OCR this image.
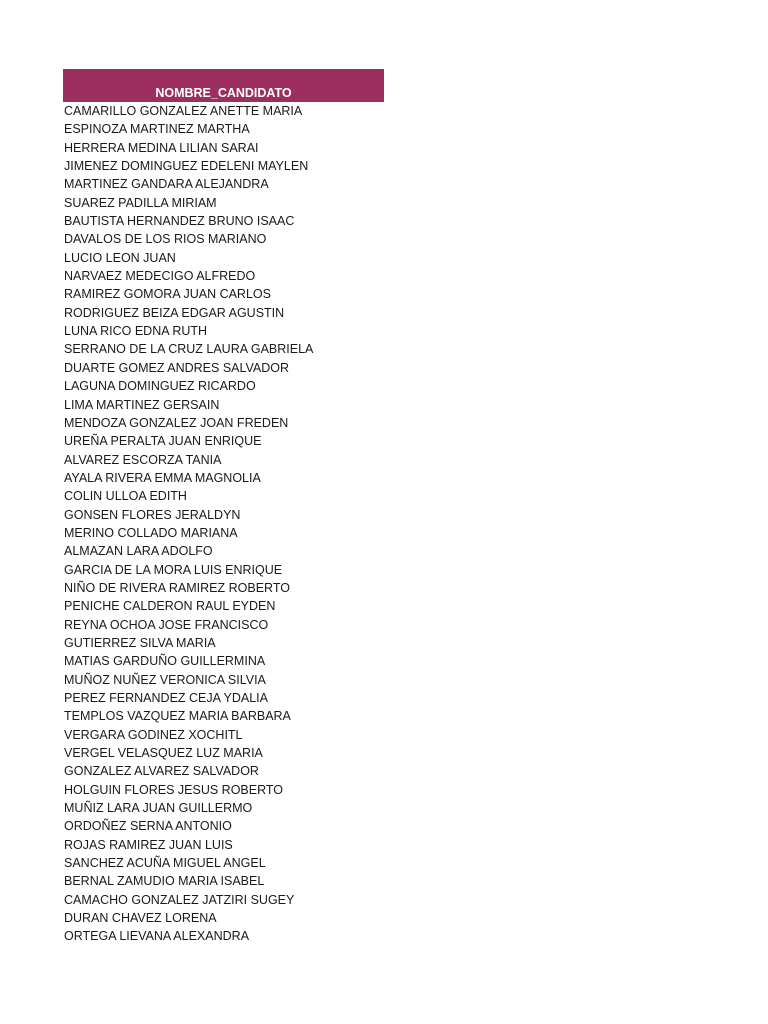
NOMBRE_CANDIDATO
CAMARILLO GONZALEZ ANETTE MARIA
ESPINOZA MARTINEZ MARTHA
HERRERA MEDINA LILIAN SARAI
JIMENEZ DOMINGUEZ EDELENI MAYLEN
MARTINEZ GANDARA ALEJANDRA
SUAREZ PADILLA MIRIAM
BAUTISTA HERNANDEZ BRUNO ISAAC
DAVALOS DE LOS RIOS MARIANO
LUCIO LEON JUAN
NARVAEZ MEDECIGO ALFREDO
RAMIREZ GOMORA JUAN CARLOS
RODRIGUEZ BEIZA EDGAR AGUSTIN
LUNA RICO EDNA RUTH
SERRANO DE LA CRUZ LAURA GABRIELA
DUARTE GOMEZ ANDRES SALVADOR
LAGUNA DOMINGUEZ RICARDO
LIMA MARTINEZ GERSAIN
MENDOZA GONZALEZ JOAN FREDEN
UREÑA PERALTA JUAN ENRIQUE
ALVAREZ ESCORZA TANIA
AYALA RIVERA EMMA MAGNOLIA
COLIN ULLOA EDITH
GONSEN FLORES JERALDYN
MERINO COLLADO MARIANA
ALMAZAN LARA ADOLFO
GARCIA DE LA MORA LUIS ENRIQUE
NIÑO DE RIVERA RAMIREZ ROBERTO
PENICHE CALDERON RAUL EYDEN
REYNA OCHOA JOSE FRANCISCO
GUTIERREZ SILVA MARIA
MATIAS GARDUÑO GUILLERMINA
MUÑOZ NUÑEZ VERONICA SILVIA
PEREZ FERNANDEZ CEJA YDALIA
TEMPLOS VAZQUEZ MARIA BARBARA
VERGARA GODINEZ XOCHITL
VERGEL VELASQUEZ LUZ MARIA
GONZALEZ ALVAREZ SALVADOR
HOLGUIN FLORES JESUS ROBERTO
MUÑIZ LARA JUAN GUILLERMO
ORDOÑEZ SERNA ANTONIO
ROJAS RAMIREZ JUAN LUIS
SANCHEZ ACUÑA MIGUEL ANGEL
BERNAL ZAMUDIO MARIA ISABEL
CAMACHO GONZALEZ JATZIRI SUGEY
DURAN CHAVEZ LORENA
ORTEGA LIEVANA ALEXANDRA
